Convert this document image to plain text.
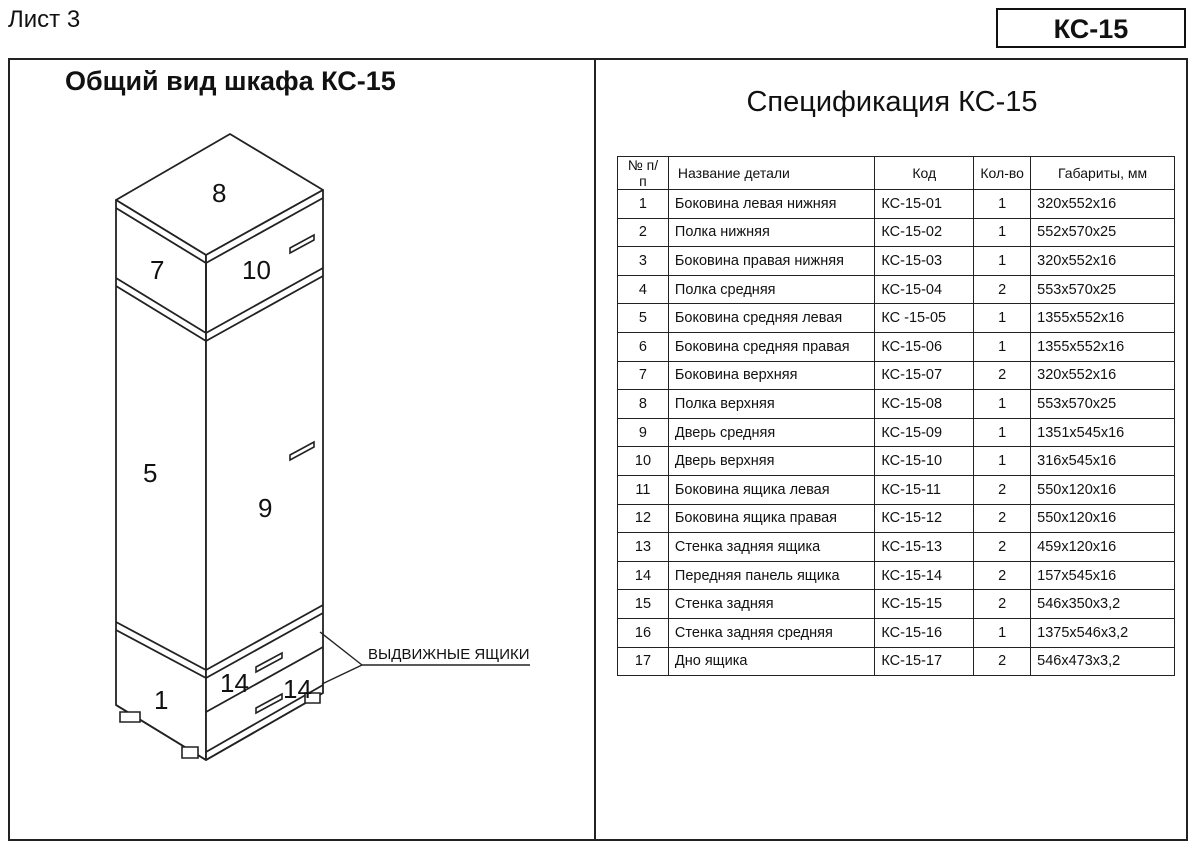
Лист 3	КС-15
Общий вид шкафа КС-15
8
7	10
5
9
1
14 14
ВЫДВИЖНЫЕ ЯЩИКИ
Спецификация КС-15
№ п/п	Название детали	Код	Кол-во	Габариты, мм
1	Боковина левая нижняя	КС-15-01	1	320x552x16
2	Полка нижняя	КС-15-02	1	552x570x25
3	Боковина правая нижняя	КС-15-03	1	320x552x16
4	Полка средняя	КС-15-04	2	553x570x25
5	Боковина средняя левая	КС -15-05	1	1355x552x16
6	Боковина средняя правая	КС-15-06	1	1355x552x16
7	Боковина верхняя	КС-15-07	2	320x552x16
8	Полка верхняя	КС-15-08	1	553x570x25
9	Дверь средняя	КС-15-09	1	1351x545x16
10	Дверь верхняя	КС-15-10	1	316x545x16
11	Боковина ящика левая	КС-15-11	2	550x120x16
12	Боковина ящика правая	КС-15-12	2	550x120x16
13	Стенка задняя ящика	КС-15-13	2	459x120x16
14	Передняя панель ящика	КС-15-14	2	157x545x16
15	Стенка задняя	КС-15-15	2	546x350x3,2
16	Стенка задняя средняя	КС-15-16	1	1375x546x3,2
17	Дно ящика	КС-15-17	2	546x473x3,2
